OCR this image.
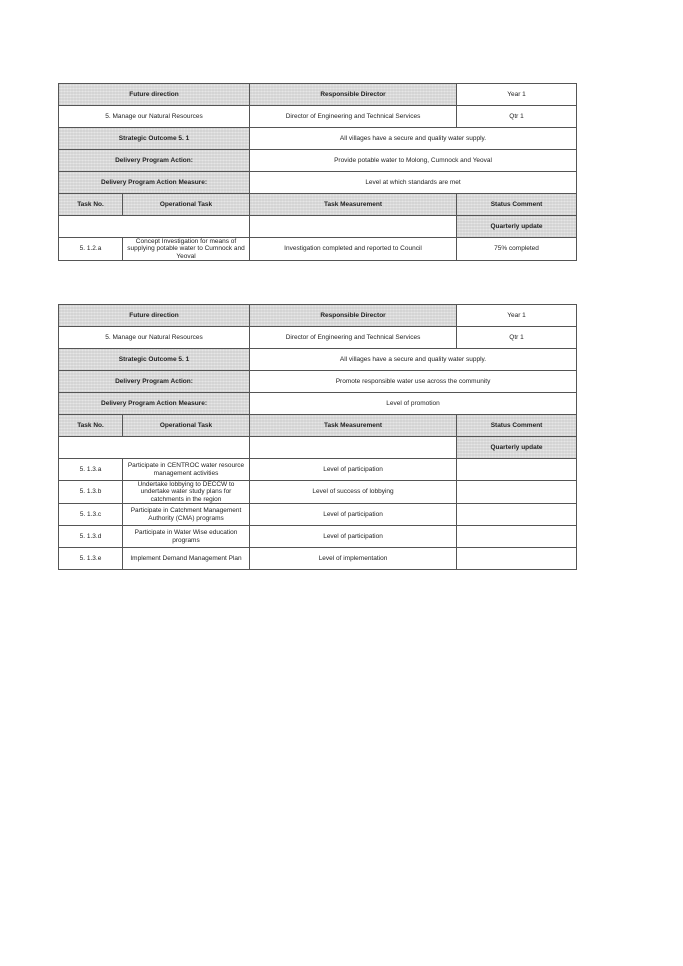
Future direction		Responsible Director	Year 1
5. Manage our Natural Resources		Director of Engineering and Technical Services	Qtr 1
Strategic Outcome 5. 1		All villages have a secure and quality water supply.	
Delivery Program Action:		Provide potable water to Molong, Cumnock and Yeoval	
Delivery Program Action Measure:		Level at which standards are met	
Task No.	Operational Task	Task Measurement	Status Comment
			Quarterly update
5. 1.2.a	Concept Investigation for means of supplying potable water to Cumnock and Yeoval	Investigation completed and reported to Council	75% completed
Future direction		Responsible Director	Year 1
5. Manage our Natural Resources		Director of Engineering and Technical Services	Qtr 1
Strategic Outcome 5. 1		All villages have a secure and quality water supply.	
Delivery Program Action:		Promote responsible water use across the community	
Delivery Program Action Measure:		Level of promotion	
Task No.	Operational Task	Task Measurement	Status Comment
			Quarterly update
5. 1.3.a	Participate in CENTROC water resource management activities	Level of participation	
5. 1.3.b	Undertake lobbying to DECCW to undertake water study plans for catchments in the region	Level of success of lobbying	
5. 1.3.c	Participate in Catchment Management Authority (CMA) programs	Level of participation	
5. 1.3.d	Participate in Water Wise education programs	Level of participation	
5. 1.3.e	Implement Demand Management Plan	Level of implementation	
